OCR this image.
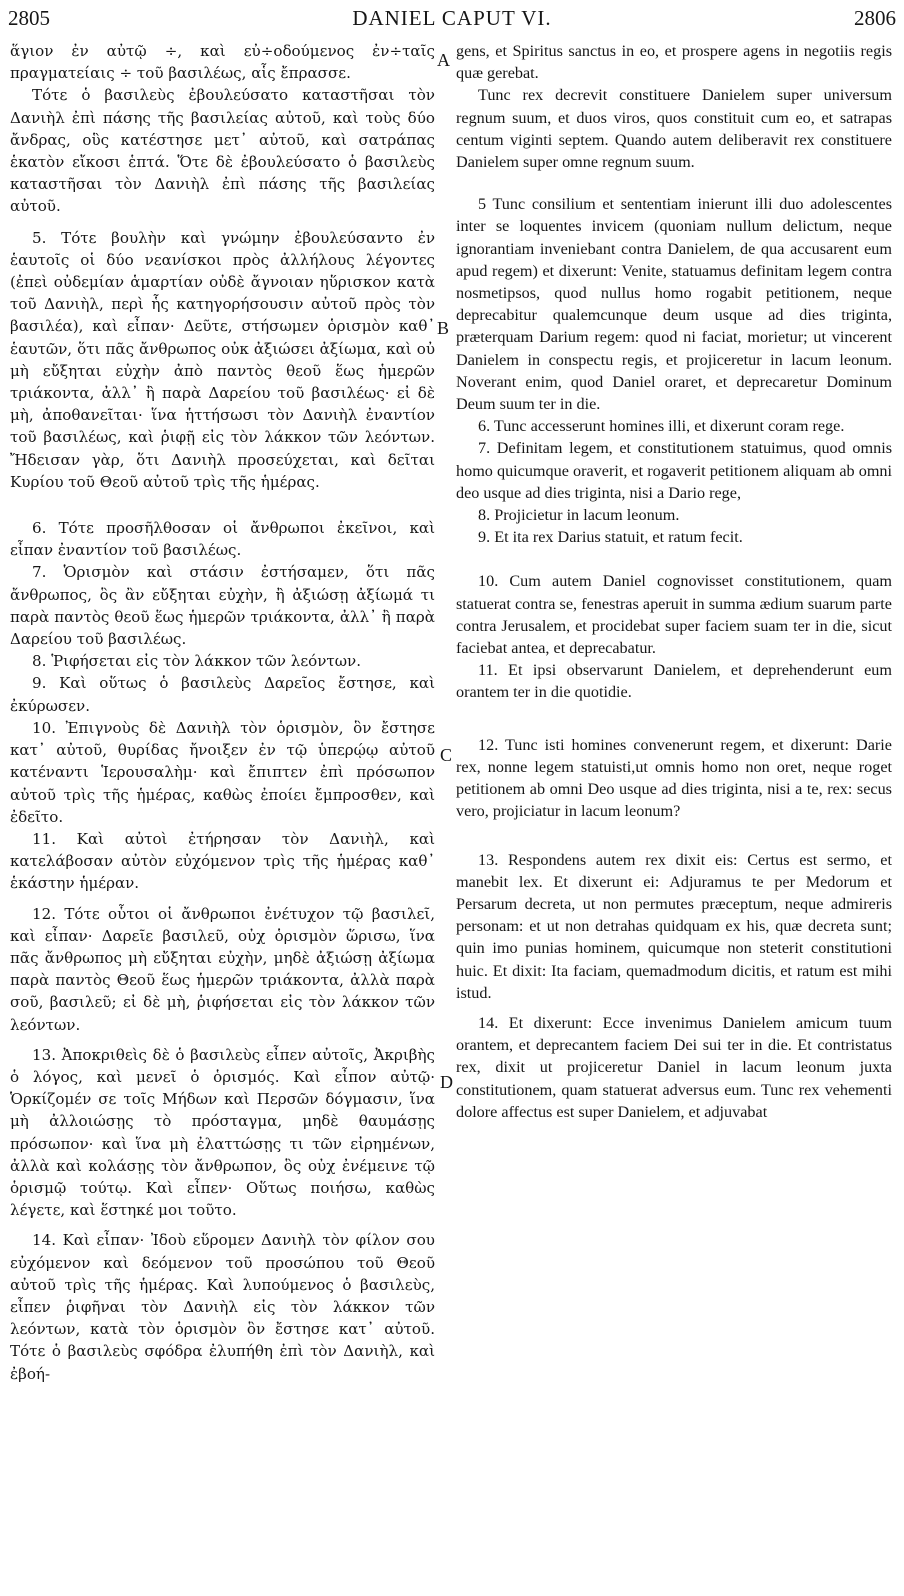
DANIEL CAPUT VI.
2805	2806
A
B
C
D

ἅγιον ἐν αὐτῷ ÷, καὶ εὐ÷οδούμενος ἐν÷ταῖς πραγματείαις ÷ τοῦ βασιλέως, αἷς ἔπρασσε.

Τότε ὁ βασιλεὺς ἐβουλεύσατο καταστῆσαι τὸν Δανιὴλ ἐπὶ πάσης τῆς βασιλείας αὐτοῦ, καὶ τοὺς δύο ἄνδρας, οὓς κατέστησε μετ᾽ αὐτοῦ, καὶ σατράπας ἑκατὸν εἴκοσι ἑπτά. Ὅτε δὲ ἐβουλεύσατο ὁ βασιλεὺς καταστῆσαι τὸν Δανιὴλ ἐπὶ πάσης τῆς βασιλείας αὐτοῦ.

5. Τότε βουλὴν καὶ γνώμην ἐβουλεύσαντο ἐν ἑαυτοῖς οἱ δύο νεανίσκοι πρὸς ἀλλήλους λέγοντες (ἐπεὶ οὐδεμίαν ἁμαρτίαν οὐδὲ ἄγνοιαν ηὕρισκον κατὰ τοῦ Δανιὴλ, περὶ ἧς κατηγορήσουσιν αὐτοῦ πρὸς τὸν βασιλέα), καὶ εἶπαν· Δεῦτε, στήσωμεν ὁρισμὸν καθ᾽ ἑαυτῶν, ὅτι πᾶς ἄνθρωπος οὐκ ἀξιώσει ἀξίωμα, καὶ οὐ μὴ εὔξηται εὐχὴν ἀπὸ παντὸς θεοῦ ἕως ἡμερῶν τριάκοντα, ἀλλ᾽ ἢ παρὰ Δαρείου τοῦ βασιλέως· εἰ δὲ μὴ, ἀποθανεῖται· ἵνα ἡττήσωσι τὸν Δανιὴλ ἐναντίον τοῦ βασιλέως, καὶ ῥιφῇ εἰς τὸν λάκκον τῶν λεόντων. Ἤδεισαν γὰρ, ὅτι Δανιὴλ προσεύχεται, καὶ δεῖται Κυρίου τοῦ Θεοῦ αὐτοῦ τρὶς τῆς ἡμέρας.

6. Τότε προσῆλθοσαν οἱ ἄνθρωποι ἐκεῖνοι, καὶ εἶπαν ἐναντίον τοῦ βασιλέως.

7. Ὁρισμὸν καὶ στάσιν ἐστήσαμεν, ὅτι πᾶς ἄνθρωπος, ὃς ἂν εὔξηται εὐχὴν, ἢ ἀξιώσῃ ἀξίωμά τι παρὰ παντὸς θεοῦ ἕως ἡμερῶν τριάκοντα, ἀλλ᾽ ἢ παρὰ Δαρείου τοῦ βασιλέως.

8. Ῥιφήσεται εἰς τὸν λάκκον τῶν λεόντων.

9. Καὶ οὕτως ὁ βασιλεὺς Δαρεῖος ἔστησε, καὶ ἐκύρωσεν.

10. Ἐπιγνοὺς δὲ Δανιὴλ τὸν ὁρισμὸν, ὃν ἔστησε κατ᾽ αὐτοῦ, θυρίδας ἤνοιξεν ἐν τῷ ὑπερῴῳ αὐτοῦ κατέναντι Ἱερουσαλὴμ· καὶ ἔπιπτεν ἐπὶ πρόσωπον αὐτοῦ τρὶς τῆς ἡμέρας, καθὼς ἐποίει ἔμπροσθεν, καὶ ἐδεῖτο.

11. Καὶ αὐτοὶ ἐτήρησαν τὸν Δανιὴλ, καὶ κατελάβοσαν αὐτὸν εὐχόμενον τρὶς τῆς ἡμέρας καθ᾽ ἑκάστην ἡμέραν.

12. Τότε οὗτοι οἱ ἄνθρωποι ἐνέτυχον τῷ βασιλεῖ, καὶ εἶπαν· Δαρεῖε βασιλεῦ, οὐχ ὁρισμὸν ὥρισω, ἵνα πᾶς ἄνθρωπος μὴ εὔξηται εὐχὴν, μηδὲ ἀξιώσῃ ἀξίωμα παρὰ παντὸς Θεοῦ ἕως ἡμερῶν τριάκοντα, ἀλλὰ παρὰ σοῦ, βασιλεῦ; εἰ δὲ μὴ, ῥιφήσεται εἰς τὸν λάκκον τῶν λεόντων.

13. Ἀποκριθεὶς δὲ ὁ βασιλεὺς εἶπεν αὐτοῖς, Ἀκριβὴς ὁ λόγος, καὶ μενεῖ ὁ ὁρισμός. Καὶ εἶπον αὐτῷ· Ὁρκίζομέν σε τοῖς Μήδων καὶ Περσῶν δόγμασιν, ἵνα μὴ ἀλλοιώσῃς τὸ πρόσταγμα, μηδὲ θαυμάσῃς πρόσωπον· καὶ ἵνα μὴ ἐλαττώσῃς τι τῶν εἰρημένων, ἀλλὰ καὶ κολάσῃς τὸν ἄνθρωπον, ὃς οὐχ ἐνέμεινε τῷ ὁρισμῷ τούτῳ. Καὶ εἶπεν· Οὕτως ποιήσω, καθὼς λέγετε, καὶ ἕστηκέ μοι τοῦτο.

14. Καὶ εἶπαν· Ἰδοὺ εὕρομεν Δανιὴλ τὸν φίλον σου εὐχόμενον καὶ δεόμενον τοῦ προσώπου τοῦ Θεοῦ αὐτοῦ τρὶς τῆς ἡμέρας. Καὶ λυπούμενος ὁ βασιλεὺς, εἶπεν ῥιφῆναι τὸν Δανιὴλ εἰς τὸν λάκκον τῶν λεόντων, κατὰ τὸν ὁρισμὸν ὃν ἔστησε κατ᾽ αὐτοῦ. Τότε ὁ βασιλεὺς σφόδρα ἐλυπήθη ἐπὶ τὸν Δανιὴλ, καὶ ἐβοή-

gens, et Spiritus sanctus in eo, et prospere agens in negotiis regis quæ gerebat.

Tunc rex decrevit constituere Danielem super universum regnum suum, et duos viros, quos constituit cum eo, et satrapas centum viginti septem. Quando autem deliberavit rex constituere Danielem super omne regnum suum.

5 Tunc consilium et sententiam inierunt illi duo adolescentes inter se loquentes invicem (quoniam nullum delictum, neque ignorantiam inveniebant contra Danielem, de qua accusarent eum apud regem) et dixerunt: Venite, statuamus definitam legem contra nosmetipsos, quod nullus homo rogabit petitionem, neque deprecabitur qualemcunque deum usque ad dies triginta, præterquam Darium regem: quod ni faciat, morietur; ut vincerent Danielem in conspectu regis, et projiceretur in lacum leonum. Noverant enim, quod Daniel oraret, et deprecaretur Dominum Deum suum ter in die.

6. Tunc accesserunt homines illi, et dixerunt coram rege.

7. Definitam legem, et constitutionem statuimus, quod omnis homo quicumque oraverit, et rogaverit petitionem aliquam ab omni deo usque ad dies triginta, nisi a Dario rege,

8. Projicietur in lacum leonum.

9. Et ita rex Darius statuit, et ratum fecit.

10. Cum autem Daniel cognovisset constitutionem, quam statuerat contra se, fenestras aperuit in summa ædium suarum parte contra Jerusalem, et procidebat super faciem suam ter in die, sicut faciebat antea, et deprecabatur.

11. Et ipsi observarunt Danielem, et deprehenderunt eum orantem ter in die quotidie.

12. Tunc isti homines convenerunt regem, et dixerunt: Darie rex, nonne legem statuisti,ut omnis homo non oret, neque roget petitionem ab omni Deo usque ad dies triginta, nisi a te, rex: secus vero, projiciatur in lacum leonum?

13. Respondens autem rex dixit eis: Certus est sermo, et manebit lex. Et dixerunt ei: Adjuramus te per Medorum et Persarum decreta, ut non permutes præceptum, neque admireris personam: et ut non detrahas quidquam ex his, quæ decreta sunt; quin imo punias hominem, quicumque non steterit constitutioni huic. Et dixit: Ita faciam, quemadmodum dicitis, et ratum est mihi istud.

14. Et dixerunt: Ecce invenimus Danielem amicum tuum orantem, et deprecantem faciem Dei sui ter in die. Et contristatus rex, dixit ut projiceretur Daniel in lacum leonum juxta constitutionem, quam statuerat adversus eum. Tunc rex vehementi dolore affectus est super Danielem, et adjuvabat
